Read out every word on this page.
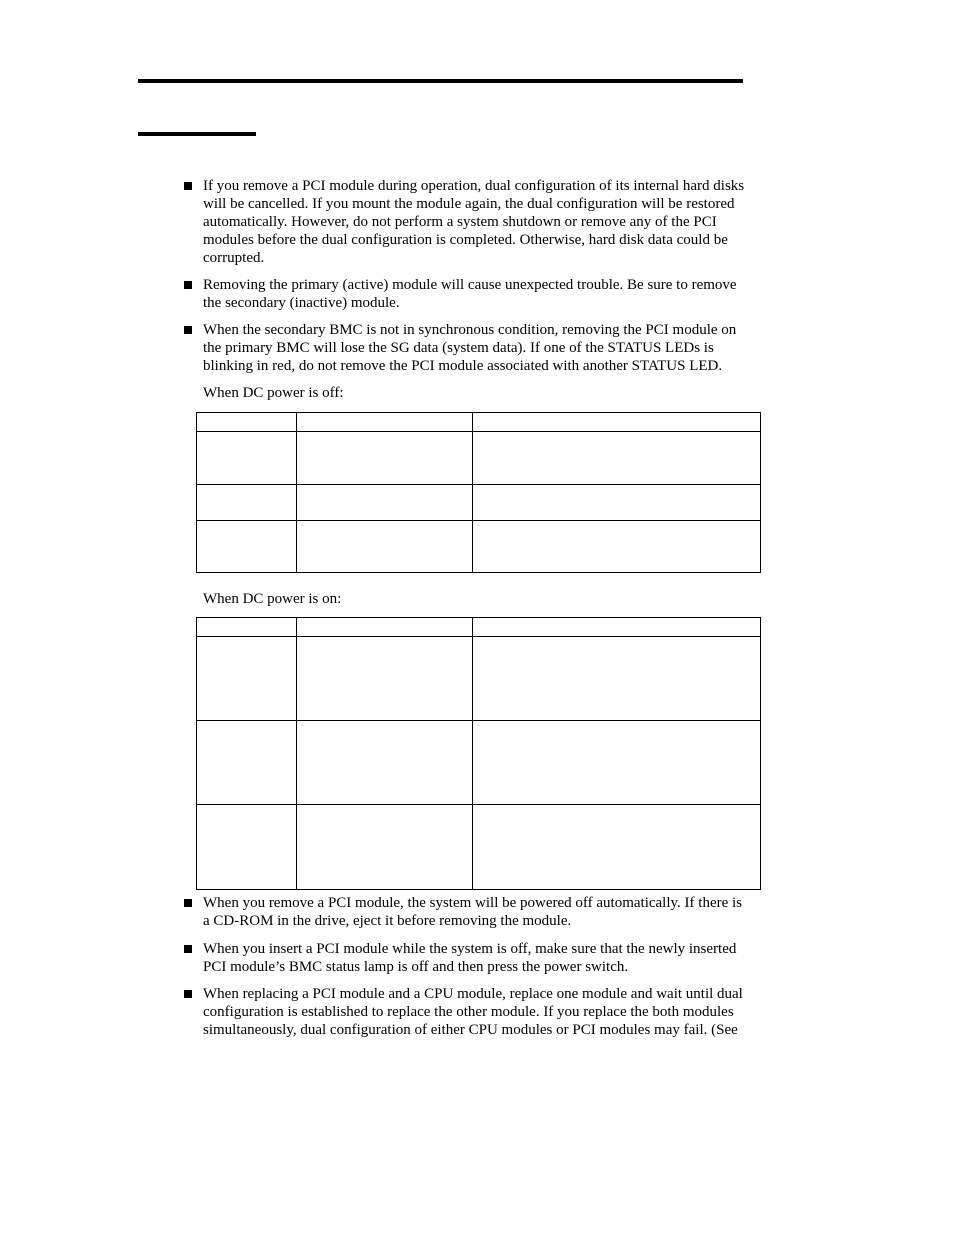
If you remove a PCI module during operation, dual configuration of its internal hard disks
will be cancelled. If you mount the module again, the dual configuration will be restored
automatically. However, do not perform a system shutdown or remove any of the PCI
modules before the dual configuration is completed. Otherwise, hard disk data could be
corrupted.
Removing the primary (active) module will cause unexpected trouble. Be sure to remove
the secondary (inactive) module.
When the secondary BMC is not in synchronous condition, removing the PCI module on
the primary BMC will lose the SG data (system data). If one of the STATUS LEDs is
blinking in red, do not remove the PCI module associated with another STATUS LED.
When DC power is off:

When DC power is on:

When you remove a PCI module, the system will be powered off automatically. If there is
a CD-ROM in the drive, eject it before removing the module.
When you insert a PCI module while the system is off, make sure that the newly inserted
PCI module’s BMC status lamp is off and then press the power switch.
When replacing a PCI module and a CPU module, replace one module and wait until dual
configuration is established to replace the other module. If you replace the both modules
simultaneously, dual configuration of either CPU modules or PCI modules may fail. (See
